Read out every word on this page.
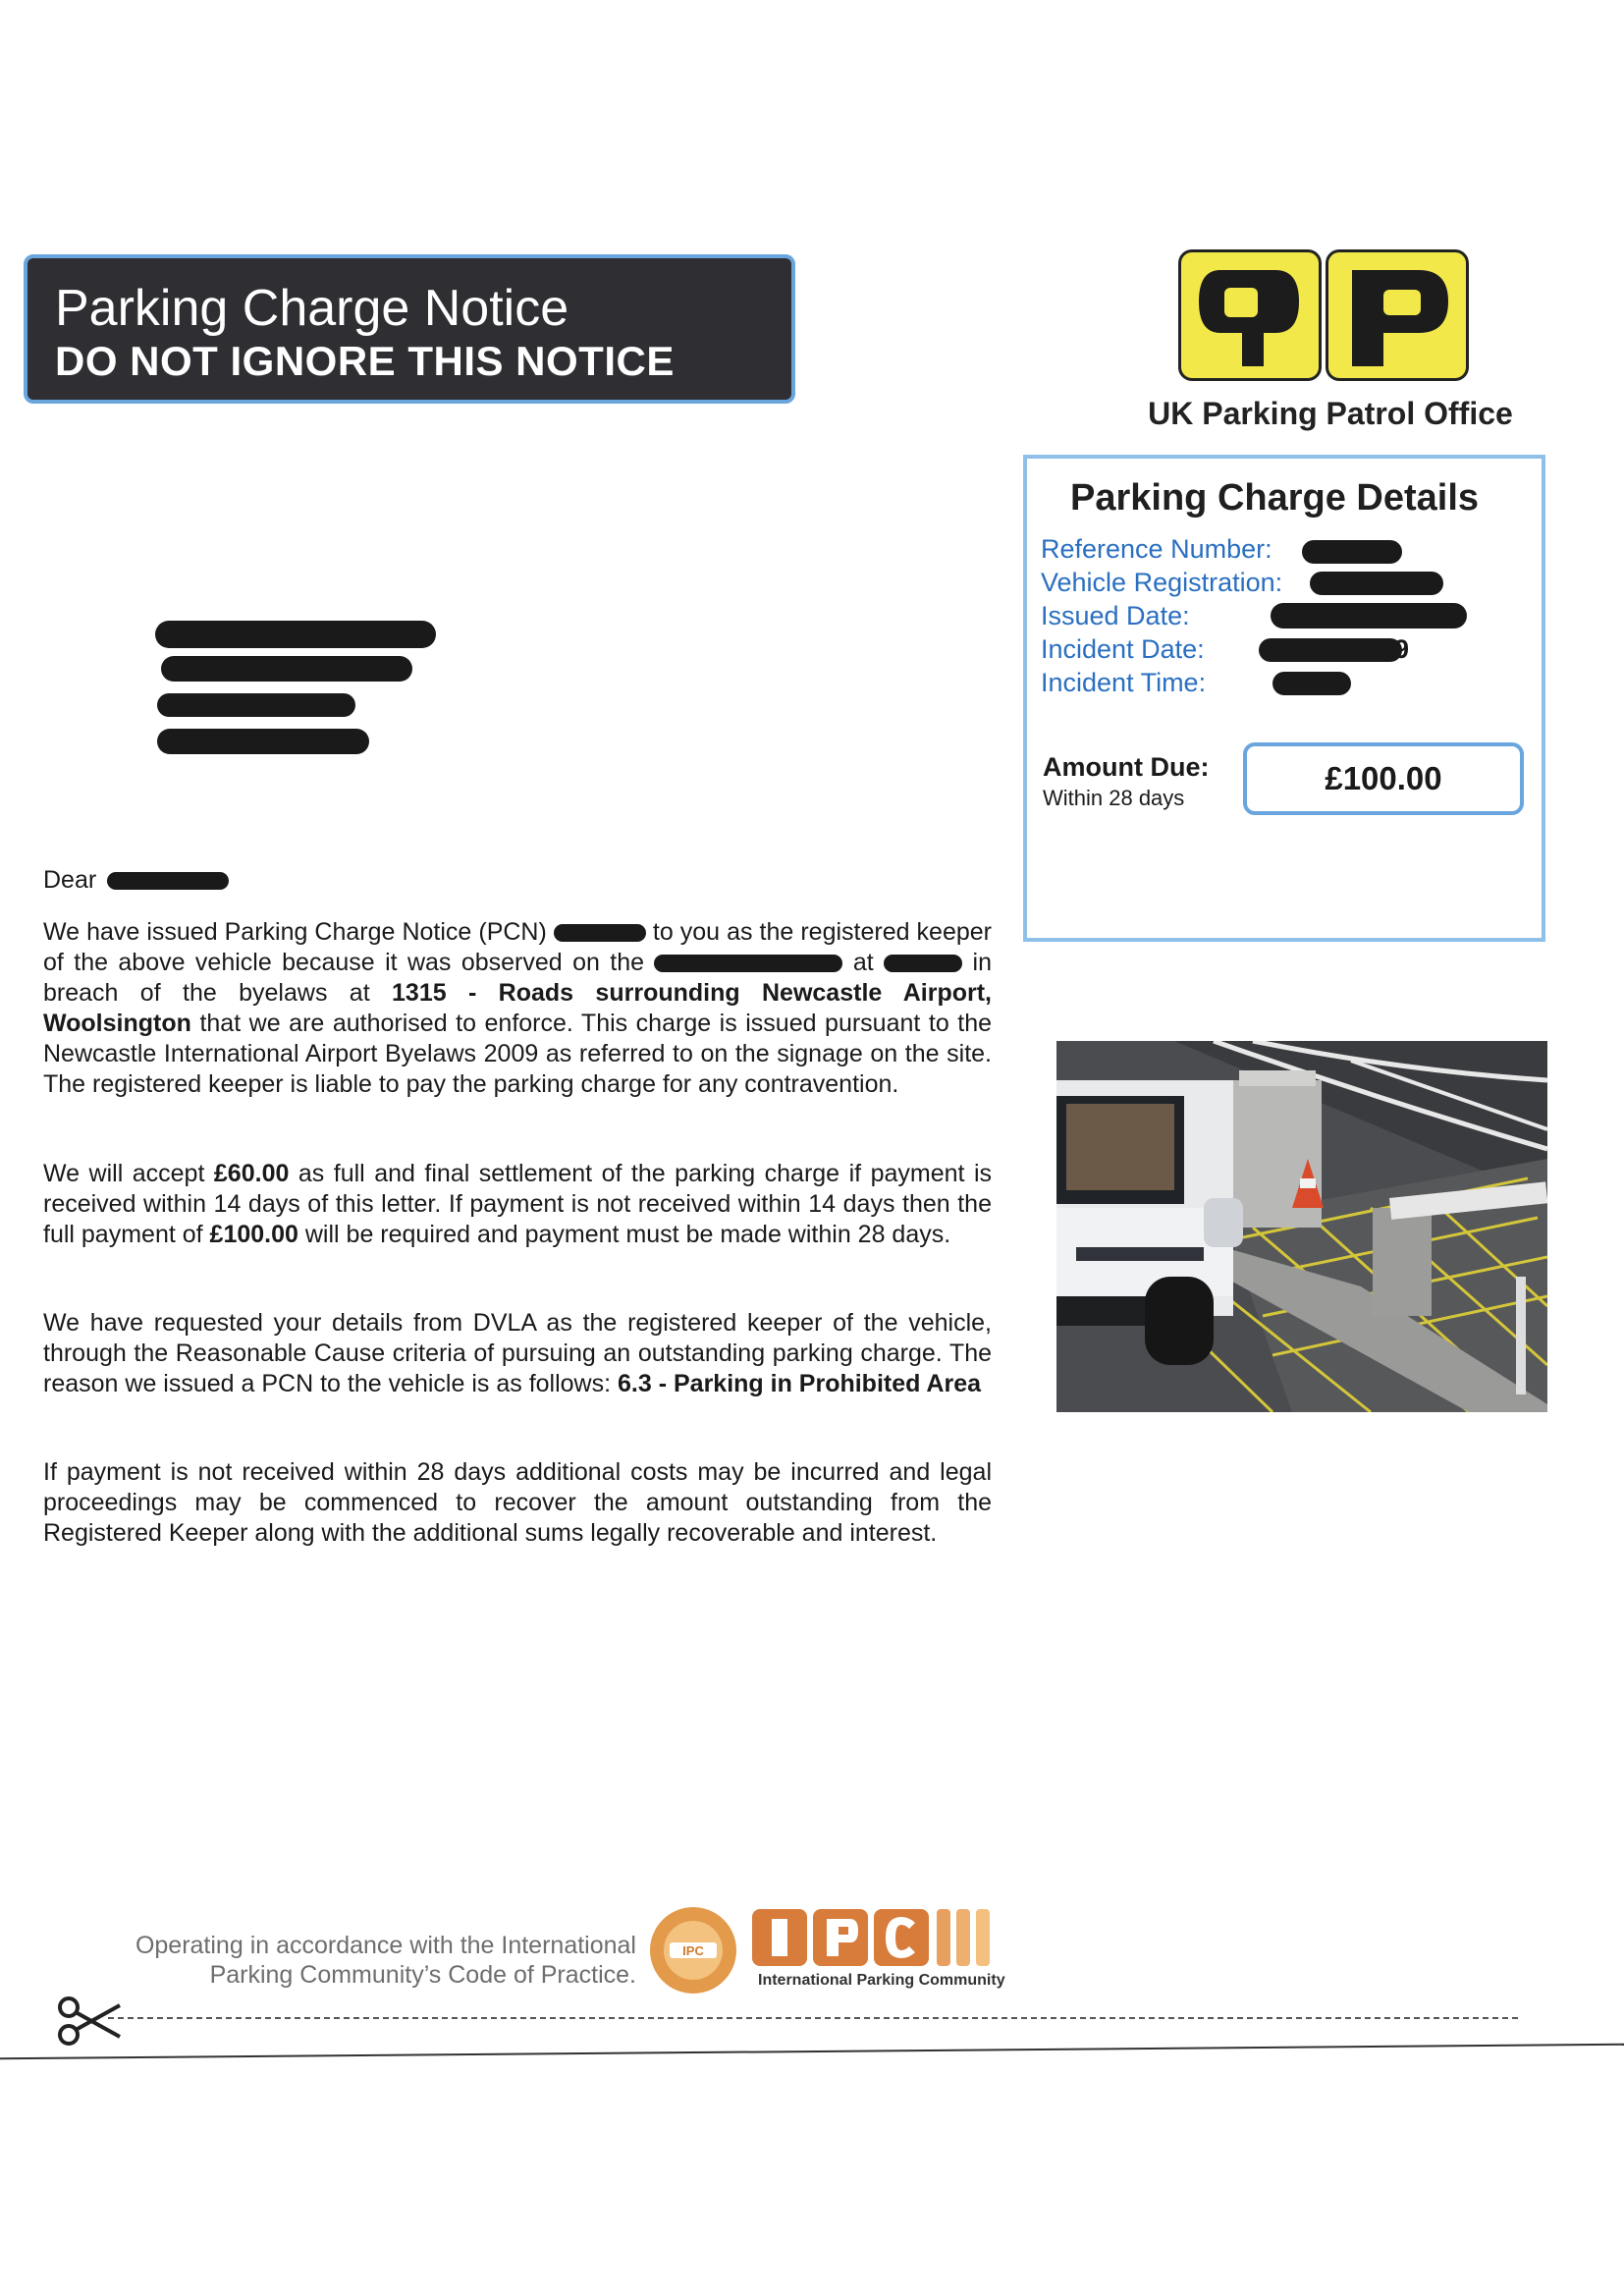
Parking Charge Notice
DO NOT IGNORE THIS NOTICE
UK Parking Patrol Office
Parking Charge Details
Reference Number:
Vehicle Registration:
Issued Date:
Incident Date:	9
Incident Time:
Amount Due:
Within 28 days
£100.00
Dear
We have issued Parking Charge Notice (PCN)	to you as the registered keeper of the above vehicle because it was observed on the	at	in breach of the byelaws at 1315 - Roads surrounding Newcastle Airport, Woolsington that we are authorised to enforce. This charge is issued pursuant to the Newcastle International Airport Byelaws 2009 as referred to on the signage on the site. The registered keeper is liable to pay the parking charge for any contravention.
We will accept £60.00 as full and final settlement of the parking charge if payment is received within 14 days of this letter. If payment is not received within 14 days then the full payment of £100.00 will be required and payment must be made within 28 days.
We have requested your details from DVLA as the registered keeper of the vehicle, through the Reasonable Cause criteria of pursuing an outstanding parking charge. The reason we issued a PCN to the vehicle is as follows: 6.3 - Parking in Prohibited Area
If payment is not received within 28 days additional costs may be incurred and legal proceedings may be commenced to recover the amount outstanding from the Registered Keeper along with the additional sums legally recoverable and interest.
Operating in accordance with the International
Parking Community’s Code of Practice.
IPC
International Parking Community
